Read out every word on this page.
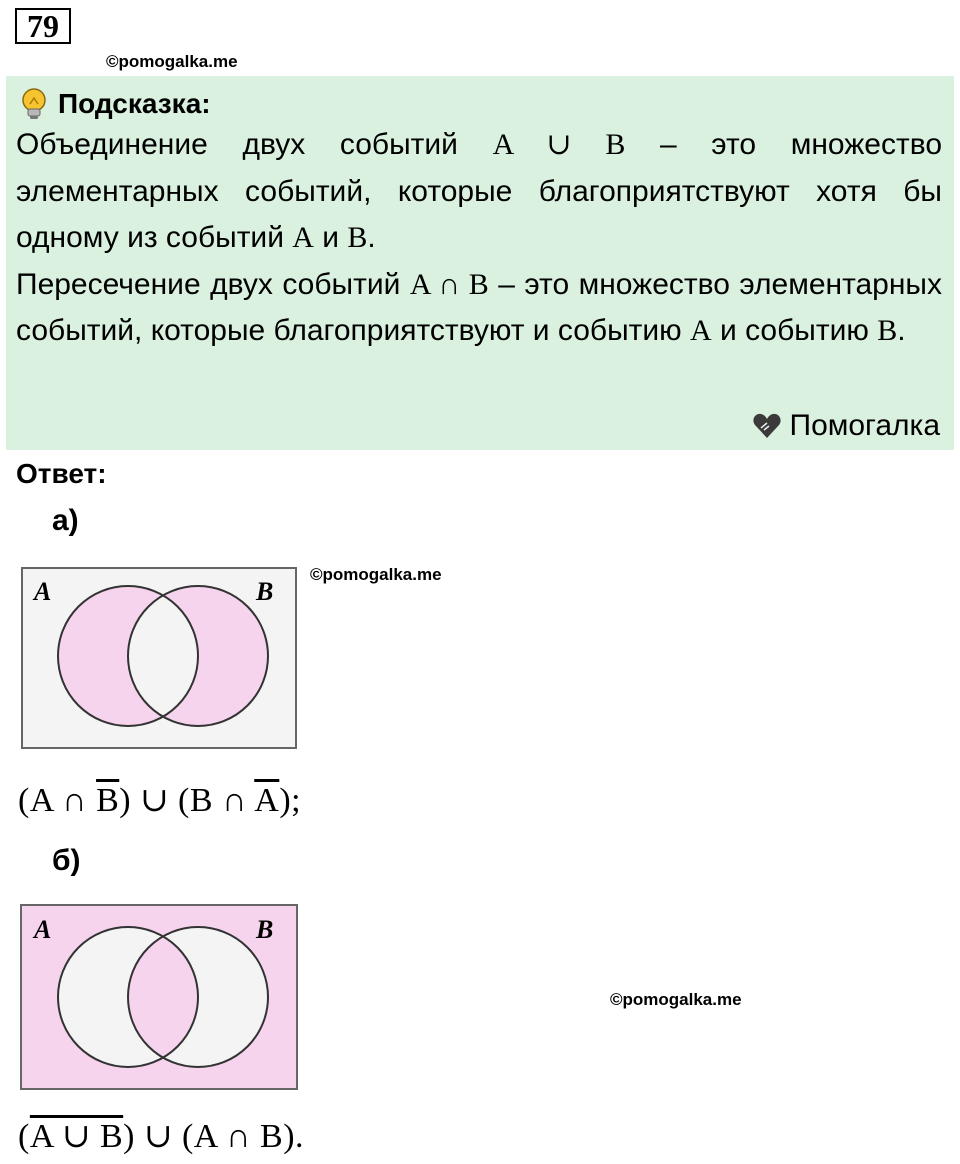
79
©pomogalka.me
Подсказка:

Объединение двух событий A ∪ B – это множество элементарных событий, которые благоприятствуют хотя бы одному из событий A и B.

Пересечение двух событий A ∩ B – это множество элементарных событий, которые благоприятствуют и событию A и событию B.

Помогалка
Ответ:
а)
A	B
©pomogalka.me
(A ∩ $\overline{B}$) ∪ (B ∩ $\overline{A}$);
б)
A	B
©pomogalka.me
(A ∪ B) ∪ (A ∩ B).
